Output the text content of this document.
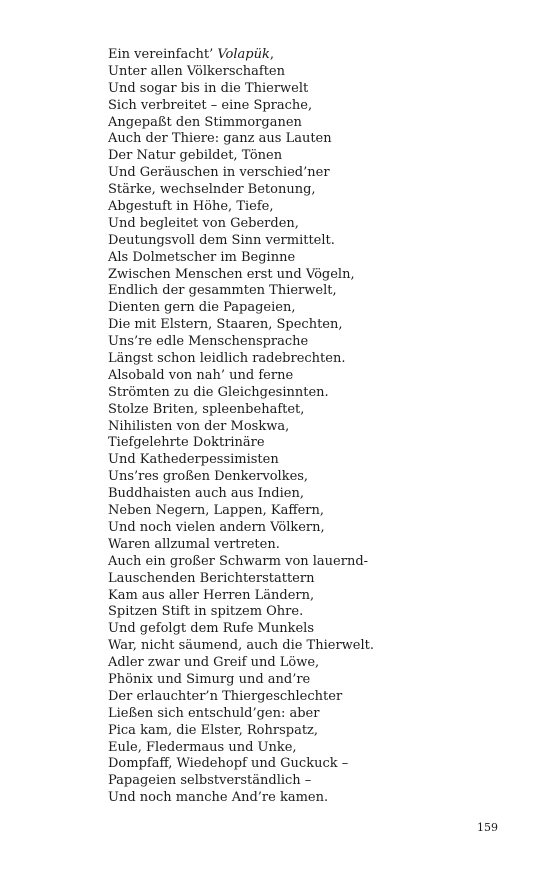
Ein vereinfacht’ Volapük,
Unter allen Völkerschaften
Und sogar bis in die Thierwelt
Sich verbreitet – eine Sprache,
Angepaßt den Stimmorganen
Auch der Thiere: ganz aus Lauten
Der Natur gebildet, Tönen
Und Geräuschen in verschied’ner
Stärke, wechselnder Betonung,
Abgestuft in Höhe, Tiefe,
Und begleitet von Geberden,
Deutungsvoll dem Sinn vermittelt.
Als Dolmetscher im Beginne
Zwischen Menschen erst und Vögeln,
Endlich der gesammten Thierwelt,
Dienten gern die Papageien,
Die mit Elstern, Staaren, Spechten,
Uns’re edle Menschensprache
Längst schon leidlich radebrechten.
Alsobald von nah’ und ferne
Strömten zu die Gleichgesinnten.
Stolze Briten, spleenbehaftet,
Nihilisten von der Moskwa,
Tiefgelehrte Doktrinäre
Und Kathederpessimisten
Uns’res großen Denkervolkes,
Buddhaisten auch aus Indien,
Neben Negern, Lappen, Kaffern,
Und noch vielen andern Völkern,
Waren allzumal vertreten.
Auch ein großer Schwarm von lauernd-
Lauschenden Berichterstattern
Kam aus aller Herren Ländern,
Spitzen Stift in spitzem Ohre.
Und gefolgt dem Rufe Munkels
War, nicht säumend, auch die Thierwelt.
Adler zwar und Greif und Löwe,
Phönix und Simurg und and’re
Der erlauchter’n Thiergeschlechter
Ließen sich entschuld’gen: aber
Pica kam, die Elster, Rohrspatz,
Eule, Fledermaus und Unke,
Dompfaff, Wiedehopf und Guckuck –
Papageien selbstverständlich –
Und noch manche And’re kamen.
159
